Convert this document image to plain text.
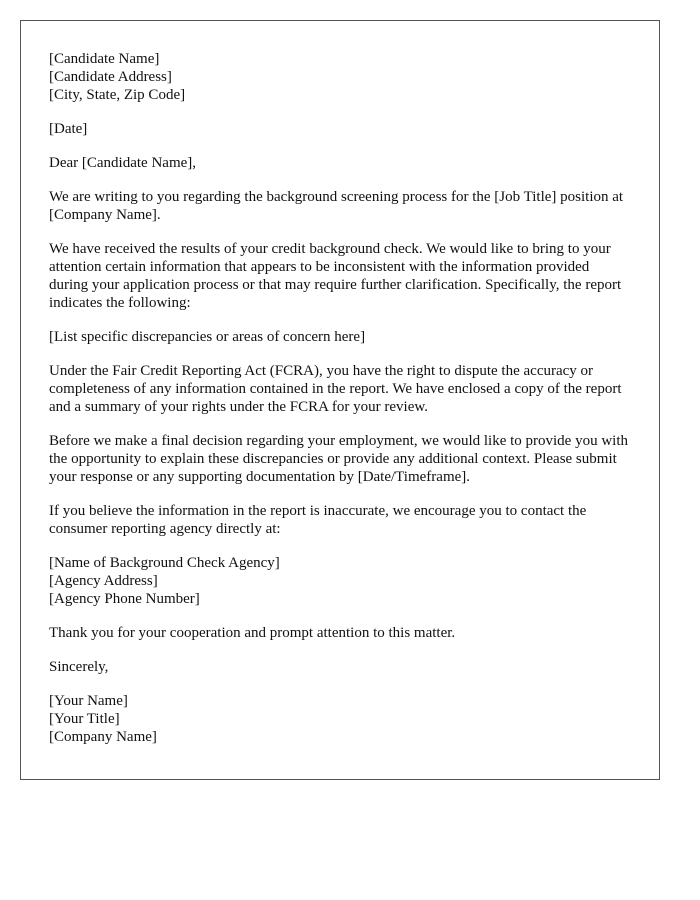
[Candidate Name]
[Candidate Address]
[City, State, Zip Code]
[Date]
Dear [Candidate Name],

We are writing to you regarding the background screening process for the [Job Title] position at [Company Name].

We have received the results of your credit background check. We would like to bring to your attention certain information that appears to be inconsistent with the information provided during your application process or that may require further clarification. Specifically, the report indicates the following:

[List specific discrepancies or areas of concern here]

Under the Fair Credit Reporting Act (FCRA), you have the right to dispute the accuracy or completeness of any information contained in the report. We have enclosed a copy of the report and a summary of your rights under the FCRA for your review.

Before we make a final decision regarding your employment, we would like to provide you with the opportunity to explain these discrepancies or provide any additional context. Please submit your response or any supporting documentation by [Date/Timeframe].

If you believe the information in the report is inaccurate, we encourage you to contact the consumer reporting agency directly at:

[Name of Background Check Agency]
[Agency Address]
[Agency Phone Number]
Thank you for your cooperation and prompt attention to this matter.
Sincerely,
[Your Name]
[Your Title]
[Company Name]
